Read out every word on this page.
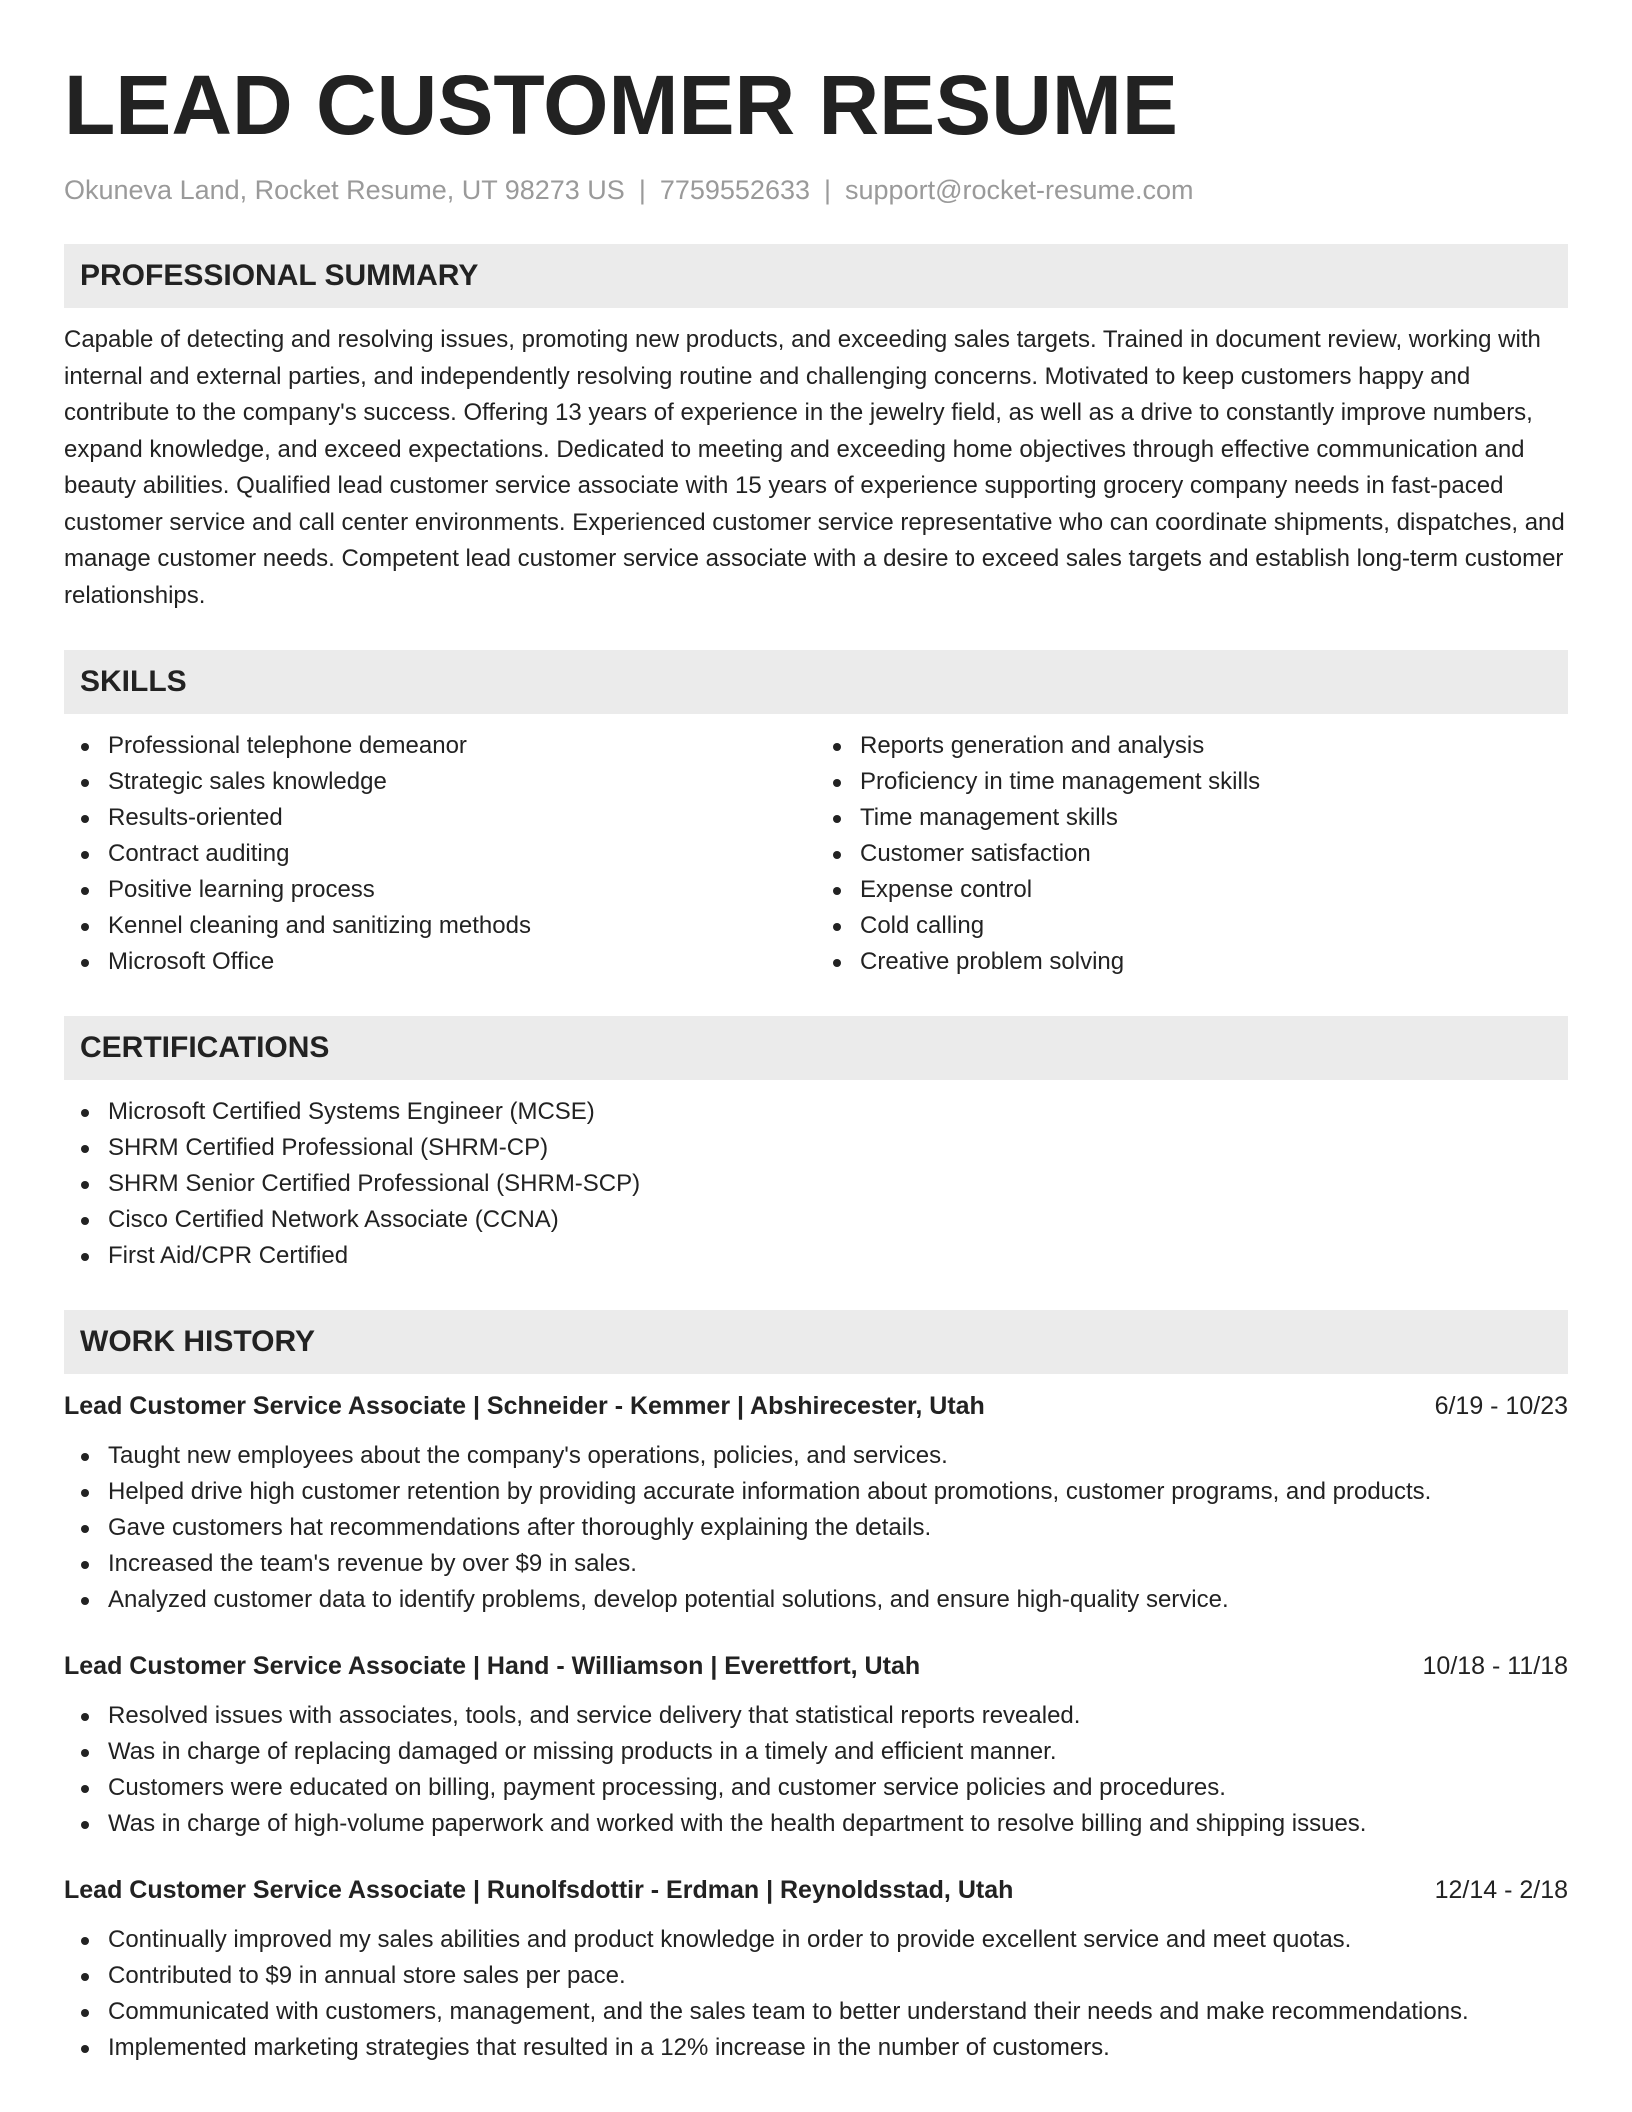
LEAD CUSTOMER RESUME
Okuneva Land, Rocket Resume, UT 98273 US | 7759552633 | support@rocket-resume.com
PROFESSIONAL SUMMARY

Capable of detecting and resolving issues, promoting new products, and exceeding sales targets. Trained in document review, working with internal and external parties, and independently resolving routine and challenging concerns. Motivated to keep customers happy and contribute to the company's success. Offering 13 years of experience in the jewelry field, as well as a drive to constantly improve numbers, expand knowledge, and exceed expectations. Dedicated to meeting and exceeding home objectives through effective communication and beauty abilities. Qualified lead customer service associate with 15 years of experience supporting grocery company needs in fast-paced customer service and call center environments. Experienced customer service representative who can coordinate shipments, dispatches, and manage customer needs. Competent lead customer service associate with a desire to exceed sales targets and establish long-term customer relationships.

SKILLS
Professional telephone demeanor
Strategic sales knowledge
Results-oriented
Contract auditing
Positive learning process
Kennel cleaning and sanitizing methods
Microsoft Office
Reports generation and analysis
Proficiency in time management skills
Time management skills
Customer satisfaction
Expense control
Cold calling
Creative problem solving
CERTIFICATIONS
Microsoft Certified Systems Engineer (MCSE)
SHRM Certified Professional (SHRM-CP)
SHRM Senior Certified Professional (SHRM-SCP)
Cisco Certified Network Associate (CCNA)
First Aid/CPR Certified
WORK HISTORY
Lead Customer Service Associate | Schneider - Kemmer | Abshirecester, Utah	6/19 - 10/23
Taught new employees about the company's operations, policies, and services.
Helped drive high customer retention by providing accurate information about promotions, customer programs, and products.
Gave customers hat recommendations after thoroughly explaining the details.
Increased the team's revenue by over $9 in sales.
Analyzed customer data to identify problems, develop potential solutions, and ensure high-quality service.
Lead Customer Service Associate | Hand - Williamson | Everettfort, Utah	10/18 - 11/18
Resolved issues with associates, tools, and service delivery that statistical reports revealed.
Was in charge of replacing damaged or missing products in a timely and efficient manner.
Customers were educated on billing, payment processing, and customer service policies and procedures.
Was in charge of high-volume paperwork and worked with the health department to resolve billing and shipping issues.
Lead Customer Service Associate | Runolfsdottir - Erdman | Reynoldsstad, Utah	12/14 - 2/18
Continually improved my sales abilities and product knowledge in order to provide excellent service and meet quotas.
Contributed to $9 in annual store sales per pace.
Communicated with customers, management, and the sales team to better understand their needs and make recommendations.
Implemented marketing strategies that resulted in a 12% increase in the number of customers.
